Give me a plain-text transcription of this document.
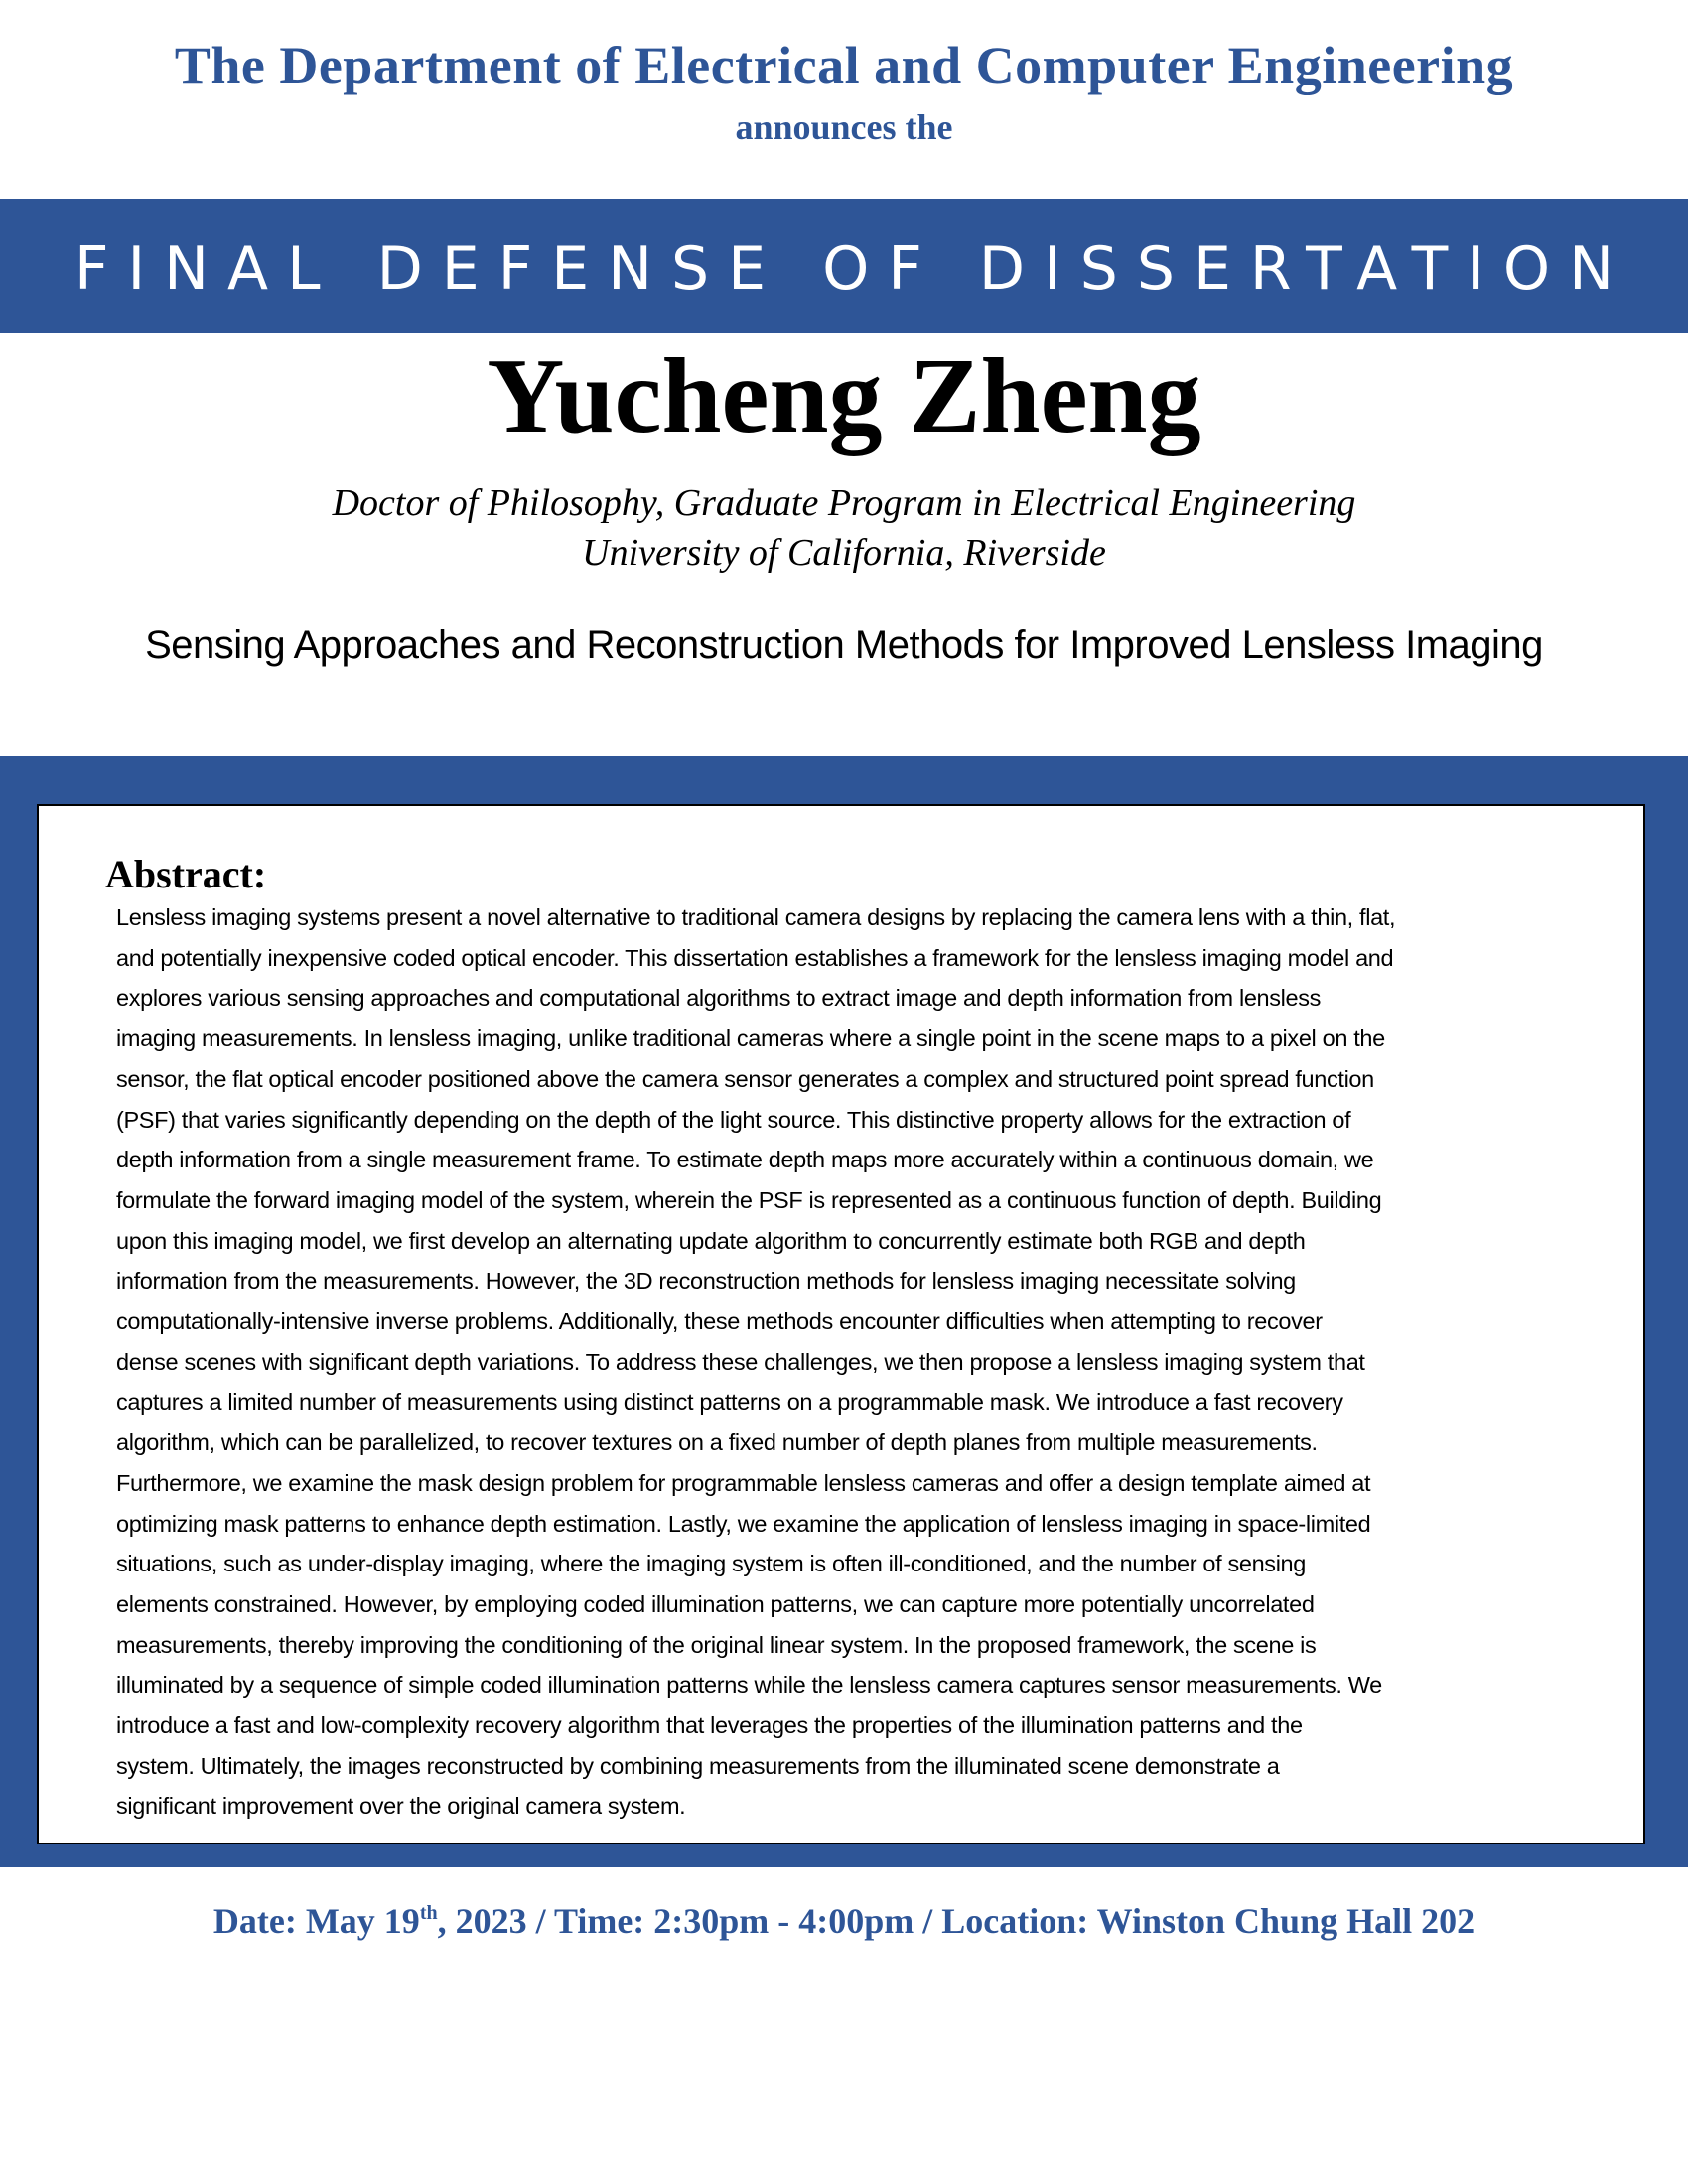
The Department of Electrical and Computer Engineering
announces the
FINAL DEFENSE OF DISSERTATION
Yucheng Zheng
Doctor of Philosophy, Graduate Program in Electrical Engineering
University of California, Riverside
Sensing Approaches and Reconstruction Methods for Improved Lensless Imaging
Abstract:
Lensless imaging systems present a novel alternative to traditional camera designs by replacing the camera lens with a thin, flat,
and potentially inexpensive coded optical encoder. This dissertation establishes a framework for the lensless imaging model and
explores various sensing approaches and computational algorithms to extract image and depth information from lensless
imaging measurements. In lensless imaging, unlike traditional cameras where a single point in the scene maps to a pixel on the
sensor, the flat optical encoder positioned above the camera sensor generates a complex and structured point spread function
(PSF) that varies significantly depending on the depth of the light source. This distinctive property allows for the extraction of
depth information from a single measurement frame. To estimate depth maps more accurately within a continuous domain, we
formulate the forward imaging model of the system, wherein the PSF is represented as a continuous function of depth. Building
upon this imaging model, we first develop an alternating update algorithm to concurrently estimate both RGB and depth
information from the measurements. However, the 3D reconstruction methods for lensless imaging necessitate solving
computationally-intensive inverse problems. Additionally, these methods encounter difficulties when attempting to recover
dense scenes with significant depth variations. To address these challenges, we then propose a lensless imaging system that
captures a limited number of measurements using distinct patterns on a programmable mask. We introduce a fast recovery
algorithm, which can be parallelized, to recover textures on a fixed number of depth planes from multiple measurements.
Furthermore, we examine the mask design problem for programmable lensless cameras and offer a design template aimed at
optimizing mask patterns to enhance depth estimation. Lastly, we examine the application of lensless imaging in space-limited
situations, such as under-display imaging, where the imaging system is often ill-conditioned, and the number of sensing
elements constrained. However, by employing coded illumination patterns, we can capture more potentially uncorrelated
measurements, thereby improving the conditioning of the original linear system. In the proposed framework, the scene is
illuminated by a sequence of simple coded illumination patterns while the lensless camera captures sensor measurements. We
introduce a fast and low-complexity recovery algorithm that leverages the properties of the illumination patterns and the
system. Ultimately, the images reconstructed by combining measurements from the illuminated scene demonstrate a
significant improvement over the original camera system.
Date: May 19th, 2023 / Time: 2:30pm - 4:00pm / Location: Winston Chung Hall 202
